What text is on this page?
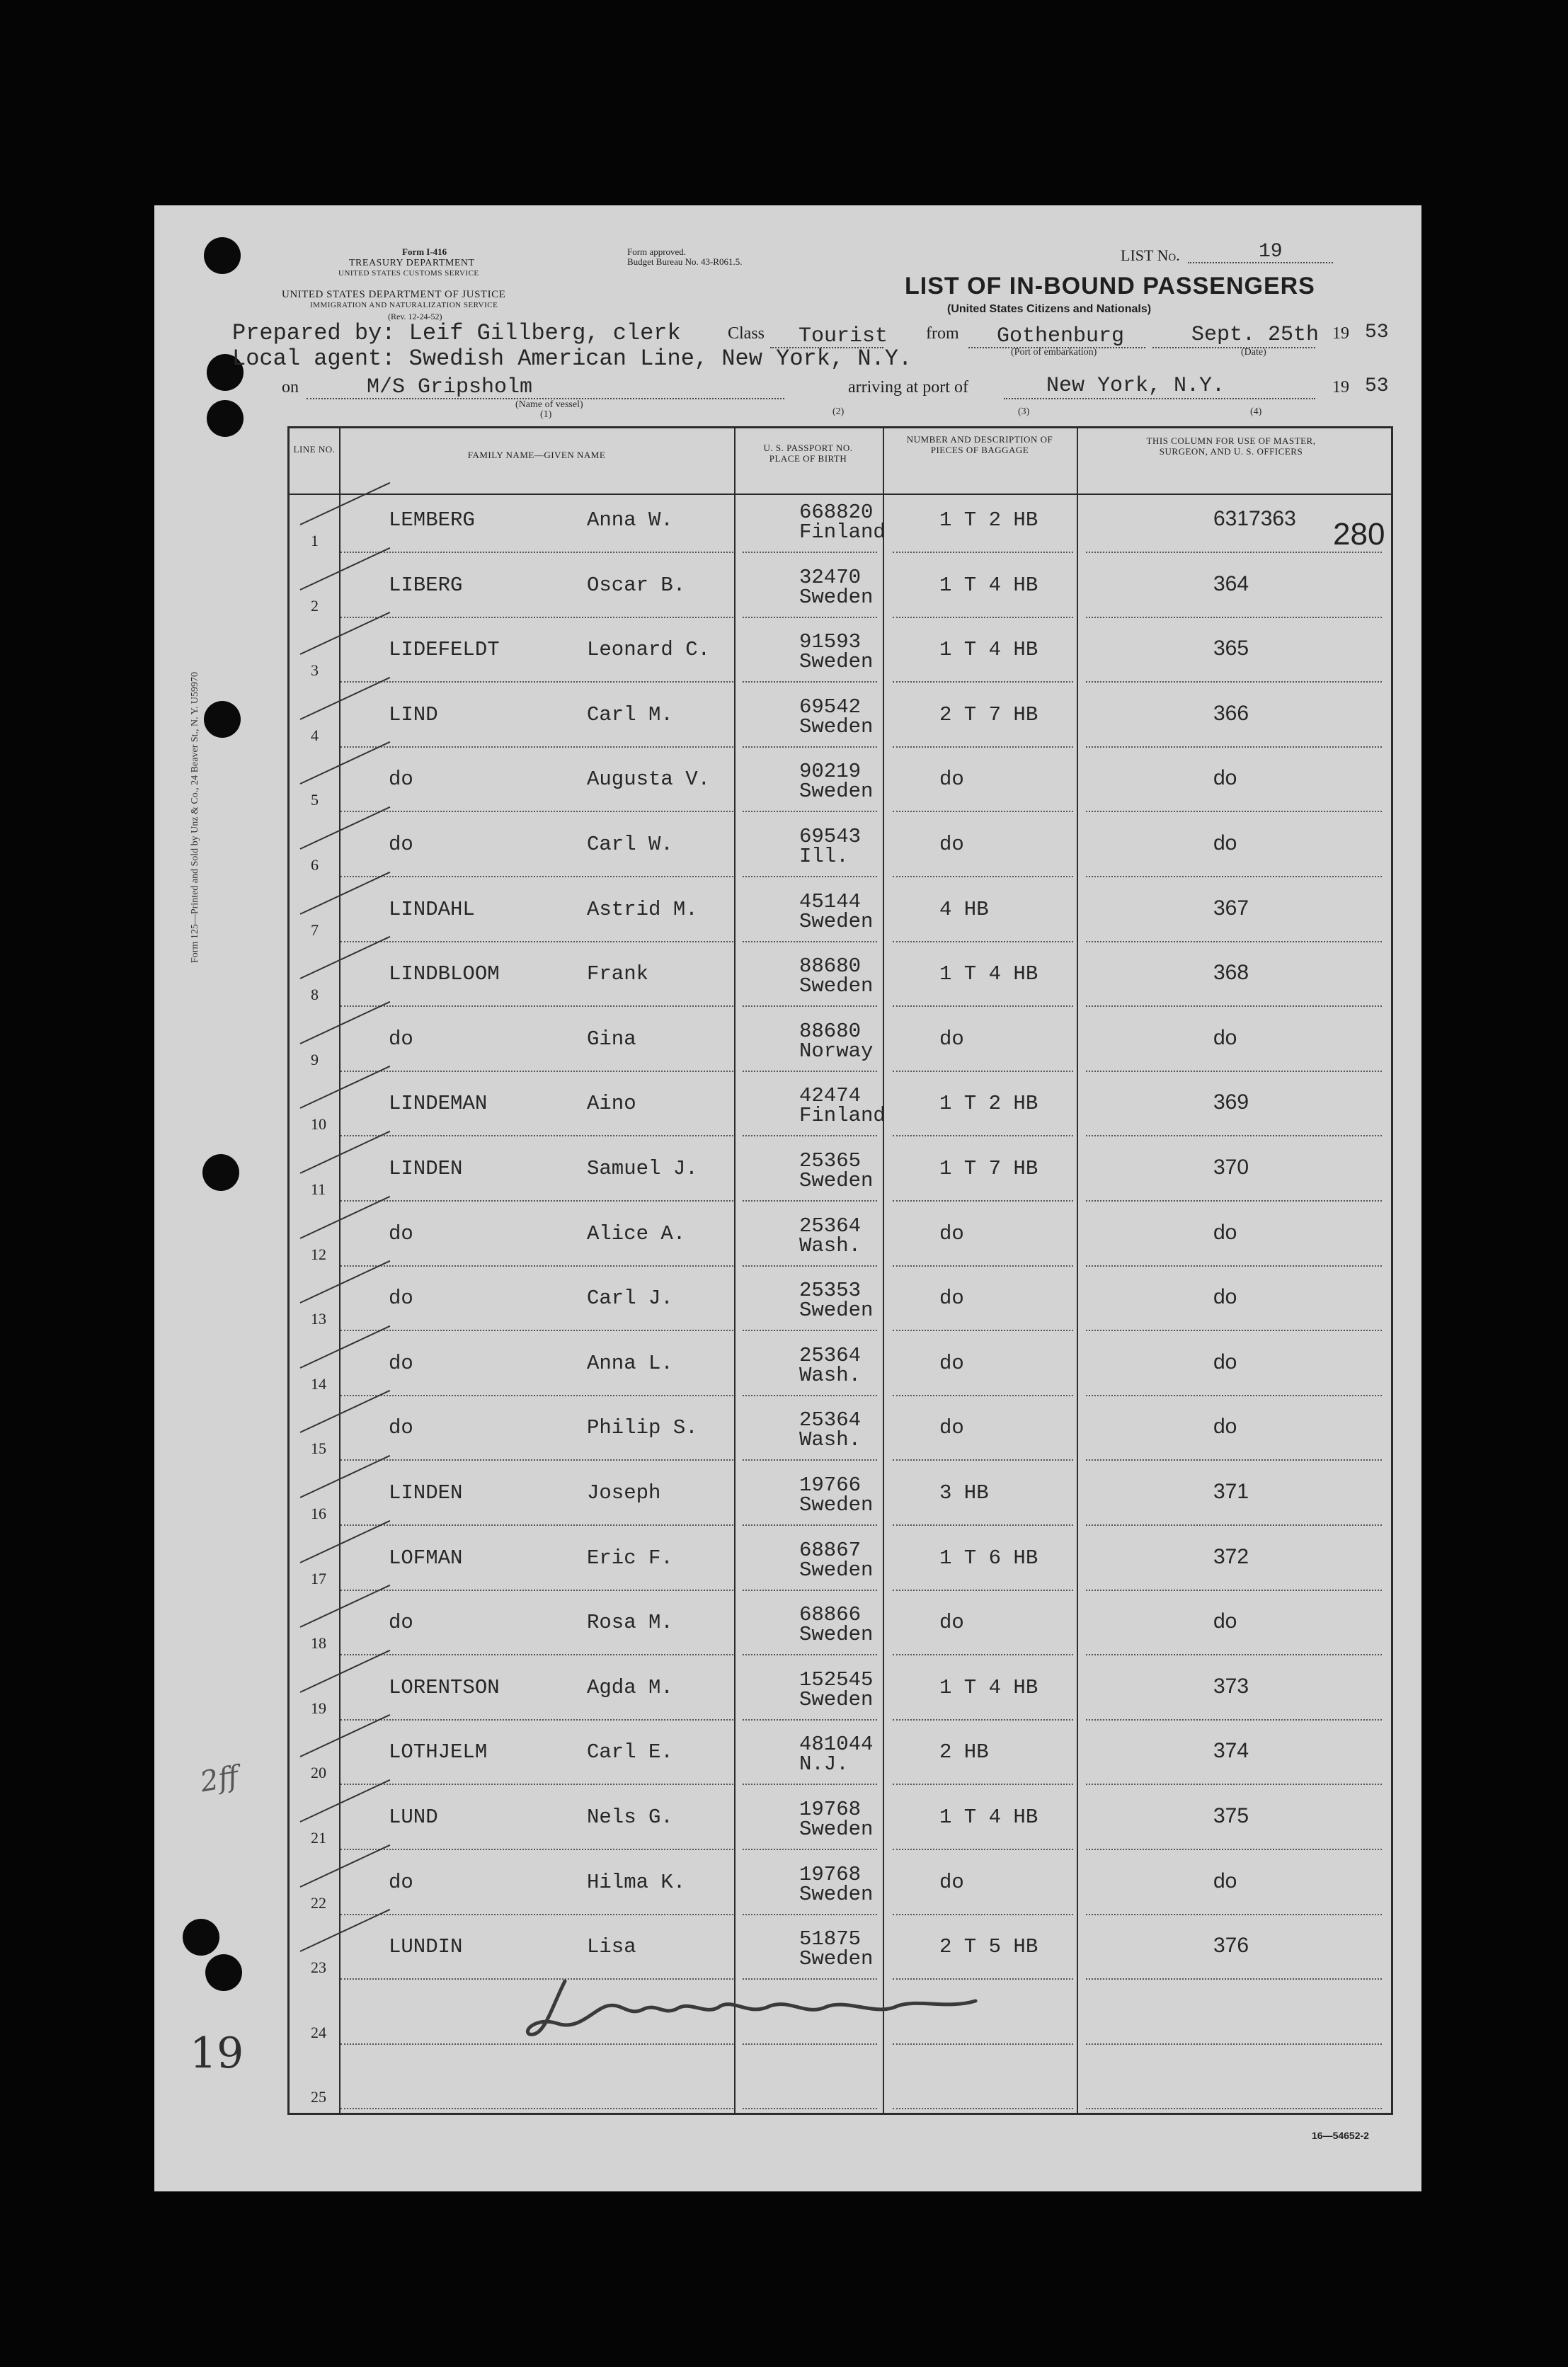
Form I-416
TREASURY DEPARTMENT
UNITED STATES CUSTOMS SERVICE
UNITED STATES DEPARTMENT OF JUSTICE
IMMIGRATION AND NATURALIZATION SERVICE
(Rev. 12-24-52)
Form approved.
Budget Bureau No. 43-R061.5.	LIST No.	19
LIST OF IN-BOUND PASSENGERS
(United States Citizens and Nationals)
Prepared by: Leif Gillberg, clerk
Local agent: Swedish American Line, New York, N.Y.
Class Tourist from Gothenburg
(Port of embarkation)
Sept. 25th
(Date)
19 53
on	M/S Gripsholm
(Name of vessel)
(1)
arriving at port of	New York, N.Y.	19 53
(2)	(3)	(4)
Form 125—Printed and Sold by Unz & Co., 24 Beaver St., N. Y. U59970
19
2ff
280
LINE NO.
FAMILY NAME—GIVEN NAME
U. S. PASSPORT NO. PLACE OF BIRTH
NUMBER AND DESCRIPTION OF PIECES OF BAGGAGE
THIS COLUMN FOR USE OF MASTER, SURGEON, AND U. S. OFFICERS
1
LEMBERG	Anna W.	668820
Finland
1 T 2 HB	6317363
2
LIBERG	Oscar B.	32470
Sweden
1 T 4 HB	364
3
LIDEFELDT	Leonard C.	91593
Sweden
1 T 4 HB	365
4
LIND	Carl M.	69542
Sweden
2 T 7 HB	366
5
do	Augusta V.	90219
Sweden
do	do
6
do	Carl W.	69543
Ill.
do	do
7
LINDAHL	Astrid M.	45144
Sweden
4 HB	367
8
LINDBLOOM	Frank	88680
Sweden
1 T 4 HB	368
9
do	Gina	88680
Norway
do	do
10
LINDEMAN	Aino	42474
Finland
1 T 2 HB	369
11
LINDEN	Samuel J.	25365
Sweden
1 T 7 HB	370
12
do	Alice A.	25364
Wash.
do	do
13
do	Carl J.	25353
Sweden
do	do
14
do	Anna L.	25364
Wash.
do	do
15
do	Philip S.	25364
Wash.
do	do
16
LINDEN	Joseph	19766
Sweden
3 HB	371
17
LOFMAN	Eric F.	68867
Sweden
1 T 6 HB	372
18
do	Rosa M.	68866
Sweden
do	do
19
LORENTSON	Agda M.	152545
Sweden
1 T 4 HB	373
20
LOTHJELM	Carl E.	481044
N.J.
2 HB	374
21
LUND	Nels G.	19768
Sweden
1 T 4 HB	375
22
do	Hilma K.	19768
Sweden
do	do
23
LUNDIN	Lisa	51875
Sweden
2 T 5 HB	376
24
25
16—54652-2
